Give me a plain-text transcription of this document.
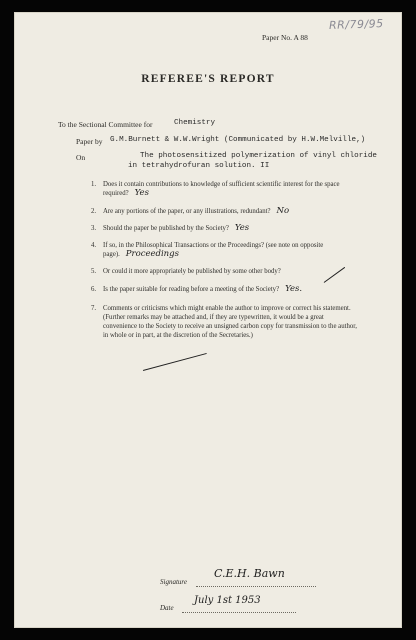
RR/79/95
Paper No. A 88
REFEREE'S REPORT
To the Sectional Committee for	Chemistry
Paper by G.M.Burnett & W.W.Wright (Communicated by H.W.Melville,)
On	The photosensitized polymerization of vinyl chloride
in tetrahydrofuran solution. II
1. Does it contain contributions to knowledge of sufficient scientific interest for the space required? Yes
2. Are any portions of the paper, or any illustrations, redundant? No
3. Should the paper be published by the Society? Yes
4. If so, in the Philosophical Transactions or the Proceedings? (see note on opposite page). Proceedings
5. Or could it more appropriately be published by some other body?
6. Is the paper suitable for reading before a meeting of the Society? Yes.
7. Comments or criticisms which might enable the author to improve or correct his statement. (Further remarks may be attached and, if they are typewritten, it would be a great convenience to the Society to receive an unsigned carbon copy for transmission to the author, in whole or in part, at the discretion of the Secretaries.)
Signature
C.E.H. Bawn
Date
July 1st 1953
